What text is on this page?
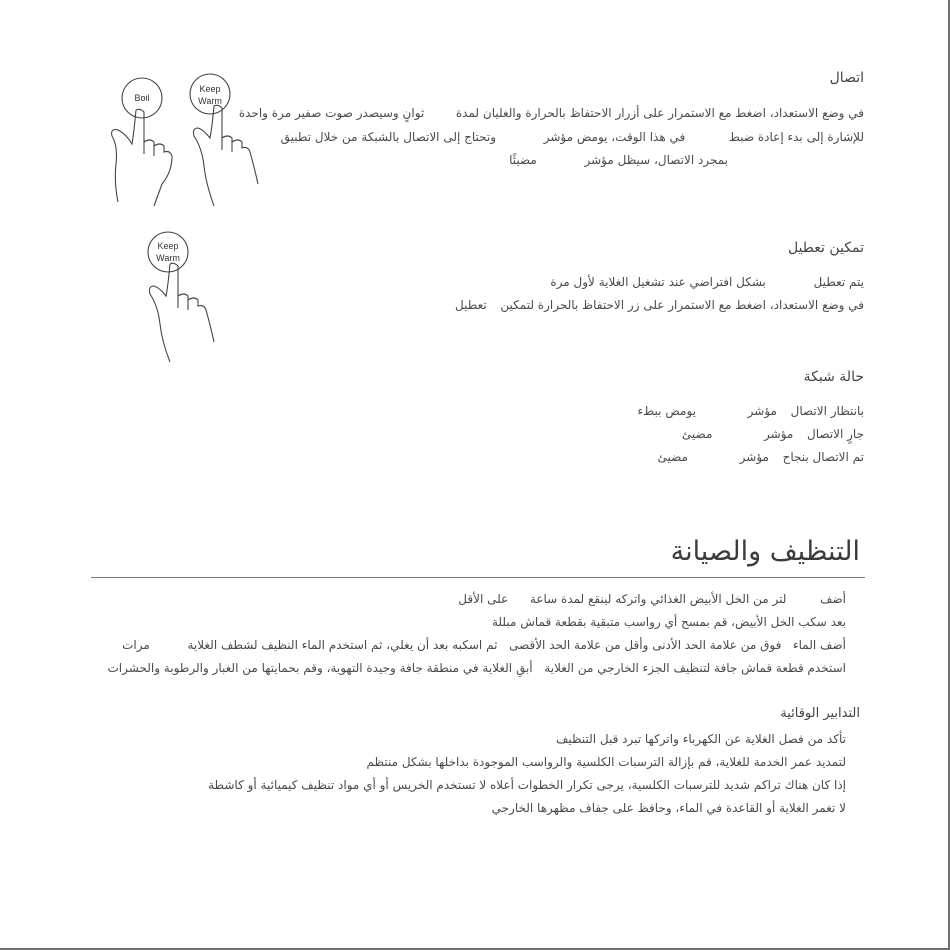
اتصال
في وضع الاستعداد، اضغط مع الاستمرار على أزرار الاحتفاظ بالحرارة والغليان لمدة  ثوانٍ وسيصدر صوت صفير مرة واحدة
للإشارة إلى بدء إعادة ضبط  في هذا الوقت، يومض مؤشر  وتحتاج إلى الاتصال بالشبكة من خلال تطبيق
بمجرد الاتصال، سيظل مؤشر  مضيئًا
Boil
Keep
Warm
تمكين تعطيل
يتم تعطيل  بشكل افتراضي عند تشغيل الغلاية لأول مرة
في وضع الاستعداد، اضغط مع الاستمرار على زر الاحتفاظ بالحرارة لتمكين  تعطيل
Keep
Warm
حالة شبكة
بانتظار الاتصال  مؤشر  يومض ببطء
جارٍ الاتصال  مؤشر  مضيئ
تم الاتصال بنجاح  مؤشر  مضيئ
التنظيف والصيانة
أضف  لتر من الخل الأبيض الغذائي واتركه لينقع لمدة ساعة  على الأقل
بعد سكب الخل الأبيض، قم بمسح أي رواسب متبقية بقطعة قماش مبللة
أضف الماء  فوق من علامة الحد الأدنى وأقل من علامة الحد الأقصى  ثم اسكبه بعد أن يغلي، ثم استخدم الماء النظيف لشطف الغلاية  مرات
استخدم قطعة قماش جافة لتنظيف الجزء الخارجي من الغلاية  أبقِ الغلاية في منطقة جافة وجيدة التهوية، وقم بحمايتها من الغبار والرطوبة والحشرات
التدابير الوقائية
تأكد من فصل الغلاية عن الكهرباء واتركها تبرد قبل التنظيف
لتمديد عمر الخدمة للغلاية، قم بإزالة الترسبات الكلسية والرواسب الموجودة بداخلها بشكل منتظم
إذا كان هناك تراكم شديد للترسبات الكلسية، يرجى تكرار الخطوات أعلاه لا تستخدم الخريس أو أي مواد تنظيف كيميائية أو كاشطة
لا تغمر الغلاية أو القاعدة في الماء، وحافظ على جفاف مظهرها الخارجي
